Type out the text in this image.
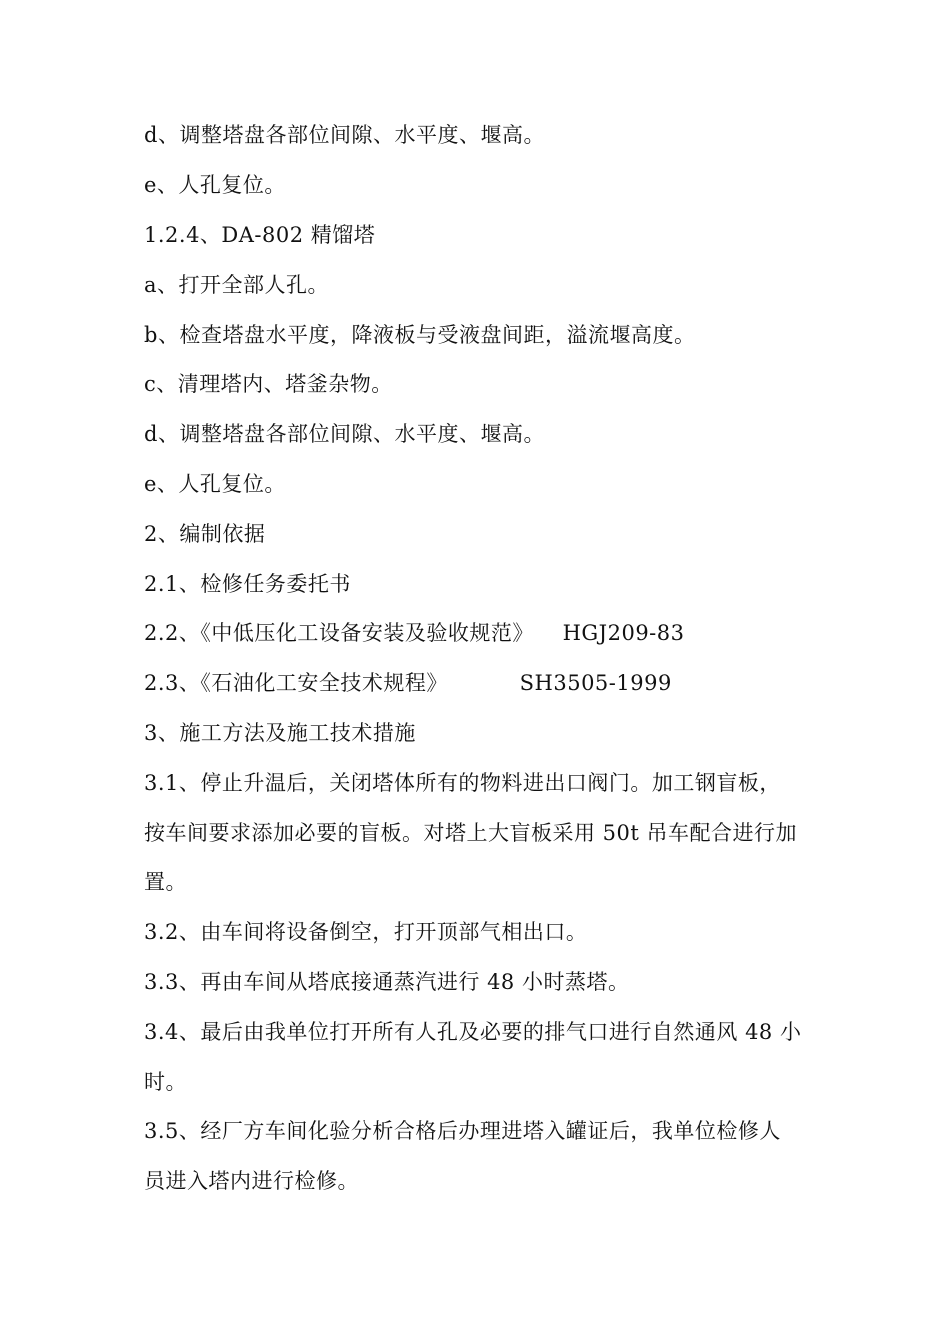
d、调整塔盘各部位间隙、水平度、堰高。
e、人孔复位。
1.2.4、DA-802 精馏塔
a、打开全部人孔。
b、检查塔盘水平度，降液板与受液盘间距，溢流堰高度。
c、清理塔内、塔釜杂物。
d、调整塔盘各部位间隙、水平度、堰高。
e、人孔复位。
2、编制依据
2.1、检修任务委托书
2.2、《中低压化工设备安装及验收规范》    HGJ209-83
2.3、《石油化工安全技术规程》          SH3505-1999
3、施工方法及施工技术措施
3.1、停止升温后，关闭塔体所有的物料进出口阀门。加工钢盲板，
按车间要求添加必要的盲板。对塔上大盲板采用 50t 吊车配合进行加
置。
3.2、由车间将设备倒空，打开顶部气相出口。
3.3、再由车间从塔底接通蒸汽进行 48 小时蒸塔。
3.4、最后由我单位打开所有人孔及必要的排气口进行自然通风 48 小
时。
3.5、经厂方车间化验分析合格后办理进塔入罐证后，我单位检修人
员进入塔内进行检修。
